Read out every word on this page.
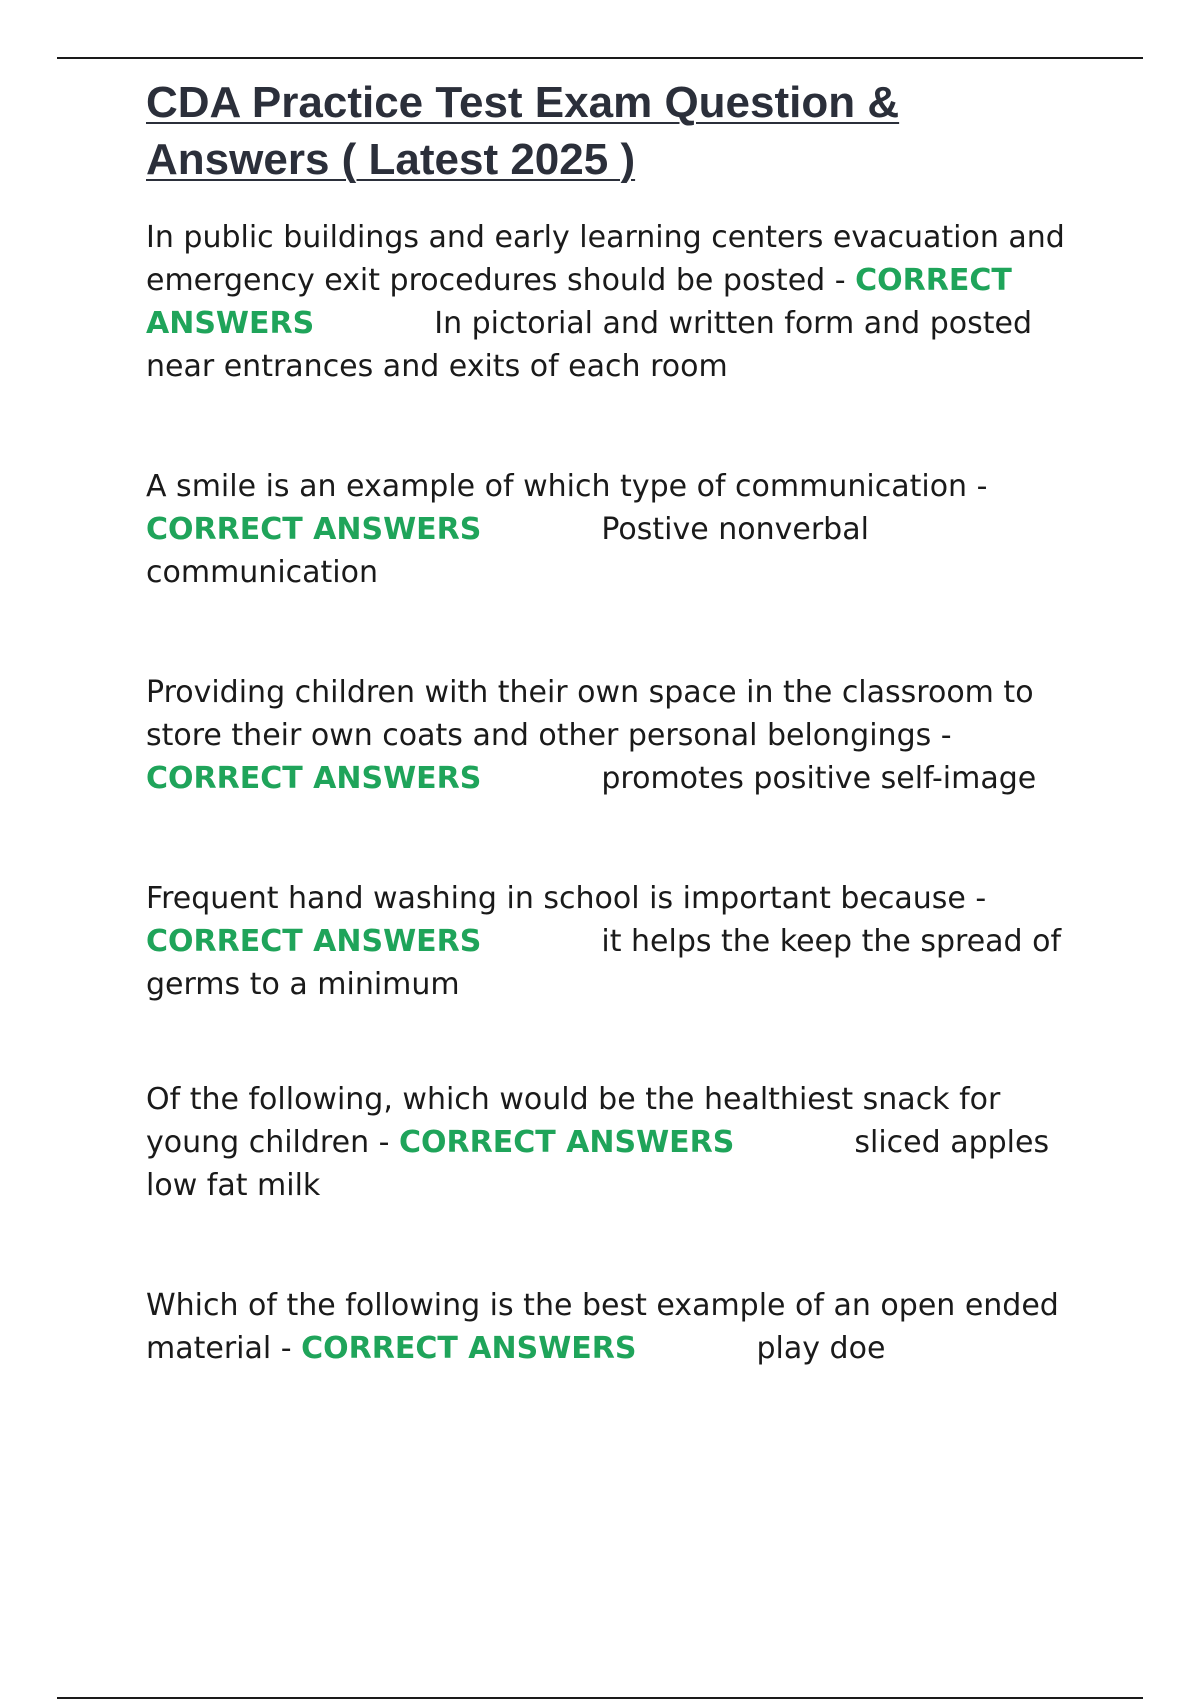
CDA Practice Test Exam Question &
Answers ( Latest 2025 )

In public buildings and early learning centers evacuation and emergency exit procedures should be posted - CORRECT ANSWERS	In pictorial and written form and posted near entrances and exits of each room

A smile is an example of which type of communication - CORRECT ANSWERS	Postive nonverbal communication

Providing children with their own space in the classroom to store their own coats and other personal belongings - CORRECT ANSWERS	promotes positive self-image

Frequent hand washing in school is important because - CORRECT ANSWERS	it helps the keep the spread of germs to a minimum

Of the following, which would be the healthiest snack for young children - CORRECT ANSWERS	sliced apples low fat milk

Which of the following is the best example of an open ended material - CORRECT ANSWERS	play doe
